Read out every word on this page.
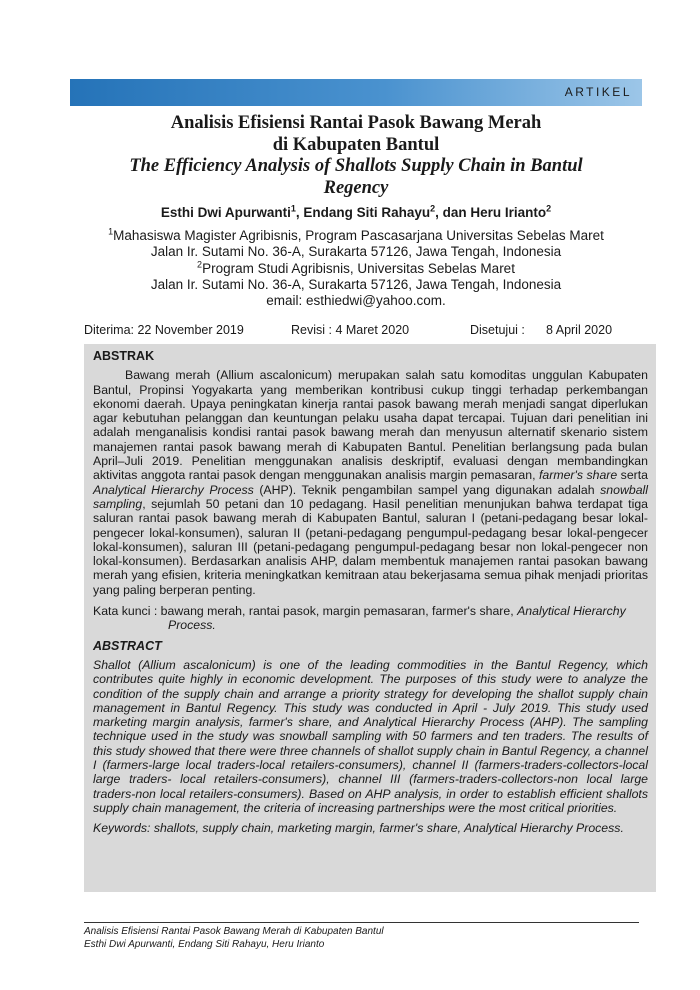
ARTIKEL
Analisis Efisiensi Rantai Pasok Bawang Merah
di Kabupaten Bantul
The Efficiency Analysis of Shallots Supply Chain in Bantul
Regency
Esthi Dwi Apurwanti$^1$, Endang Siti Rahayu$^2$, dan Heru Irianto$^2$

$^1$Mahasiswa Magister Agribisnis, Program Pascasarjana Universitas Sebelas Maret

Jalan Ir. Sutami No. 36-A, Surakarta 57126, Jawa Tengah, Indonesia

$^2$Program Studi Agribisnis, Universitas Sebelas Maret

Jalan Ir. Sutami No. 36-A, Surakarta 57126, Jawa Tengah, Indonesia

email: esthiedwi@yahoo.com.

Diterima: 22 November 2019	Revisi : 4 Maret 2020	Disetujui : 8 April 2020
ABSTRAK

Bawang merah (Allium ascalonicum) merupakan salah satu komoditas unggulan Kabupaten Bantul, Propinsi Yogyakarta yang memberikan kontribusi cukup tinggi terhadap perkembangan ekonomi daerah. Upaya peningkatan kinerja rantai pasok bawang merah menjadi sangat diperlukan agar kebutuhan pelanggan dan keuntungan pelaku usaha dapat tercapai. Tujuan dari penelitian ini adalah menganalisis kondisi rantai pasok bawang merah dan menyusun alternatif skenario sistem manajemen rantai pasok bawang merah di Kabupaten Bantul. Penelitian berlangsung pada bulan April–Juli 2019. Penelitian menggunakan analisis deskriptif, evaluasi dengan membandingkan aktivitas anggota rantai pasok dengan menggunakan analisis margin pemasaran, farmer's share serta Analytical Hierarchy Process (AHP). Teknik pengambilan sampel yang digunakan adalah snowball sampling, sejumlah 50 petani dan 10 pedagang. Hasil penelitian menunjukan bahwa terdapat tiga saluran rantai pasok bawang merah di Kabupaten Bantul, saluran I (petani-pedagang besar lokal-pengecer lokal-konsumen), saluran II (petani-pedagang pengumpul-pedagang besar lokal-pengecer lokal-konsumen), saluran III (petani-pedagang pengumpul-pedagang besar non lokal-pengecer non lokal-konsumen). Berdasarkan analisis AHP, dalam membentuk manajemen rantai pasokan bawang merah yang efisien, kriteria meningkatkan kemitraan atau bekerjasama semua pihak menjadi prioritas yang paling berperan penting.

Kata kunci : bawang merah, rantai pasok, margin pemasaran, farmer's share, Analytical Hierarchy
Process.

ABSTRACT

Shallot (Allium ascalonicum) is one of the leading commodities in the Bantul Regency, which contributes quite highly in economic development. The purposes of this study were to analyze the condition of the supply chain and arrange a priority strategy for developing the shallot supply chain management in Bantul Regency. This study was conducted in April - July 2019. This study used marketing margin analysis, farmer's share, and Analytical Hierarchy Process (AHP). The sampling technique used in the study was snowball sampling with 50 farmers and ten traders. The results of this study showed that there were three channels of shallot supply chain in Bantul Regency, a channel I (farmers-large local traders-local retailers-consumers), channel II (farmers-traders-collectors-local large traders- local retailers-consumers), channel III (farmers-traders-collectors-non local large traders-non local retailers-consumers). Based on AHP analysis, in order to establish efficient shallots supply chain management, the criteria of increasing partnerships were the most critical priorities.

Keywords: shallots, supply chain, marketing margin, farmer's share, Analytical Hierarchy Process.

Analisis Efisiensi Rantai Pasok Bawang Merah di Kabupaten Bantul
Esthi Dwi Apurwanti, Endang Siti Rahayu, Heru Irianto
